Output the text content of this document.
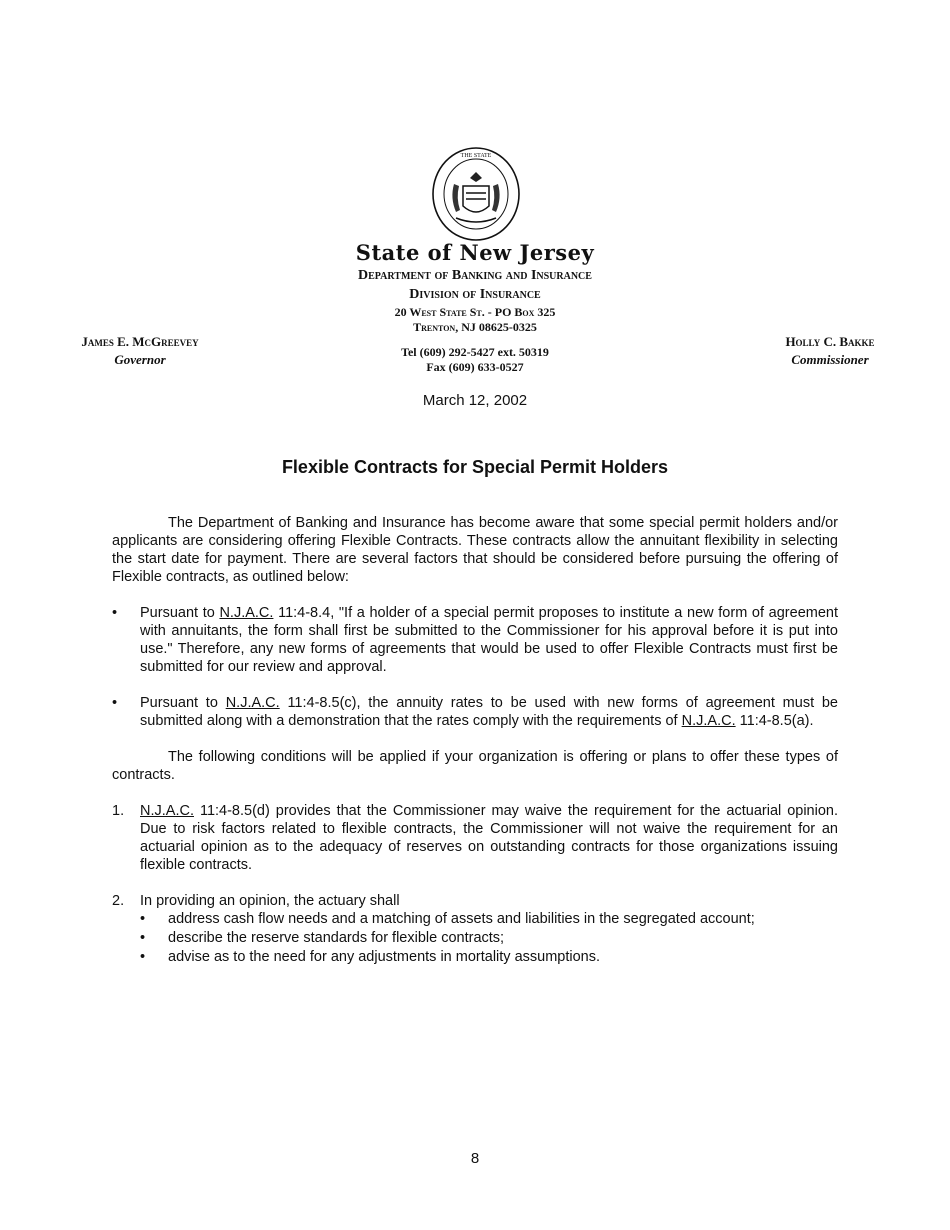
THE STATE
State of New Jersey
Department of Banking and Insurance
Division of Insurance
20 West State St. - PO Box 325
Trenton, NJ 08625-0325
Tel (609) 292-5427 ext. 50319
Fax (609) 633-0527
James E. McGreevey
Governor
Holly C. Bakke
Commissioner
March 12, 2002
Flexible Contracts for Special Permit Holders

The Department of Banking and Insurance has become aware that some special permit holders and/or applicants are considering offering Flexible Contracts. These contracts allow the annuitant flexibility in selecting the start date for payment. There are several factors that should be considered before pursuing the offering of Flexible contracts, as outlined below:

•	Pursuant to N.J.A.C. 11:4-8.4, "If a holder of a special permit proposes to institute a new form of agreement with annuitants, the form shall first be submitted to the Commissioner for his approval before it is put into use." Therefore, any new forms of agreements that would be used to offer Flexible Contracts must first be submitted for our review and approval.
•	Pursuant to N.J.A.C. 11:4-8.5(c), the annuity rates to be used with new forms of agreement must be submitted along with a demonstration that the rates comply with the requirements of N.J.A.C. 11:4-8.5(a).

The following conditions will be applied if your organization is offering or plans to offer these types of contracts.

1.	N.J.A.C. 11:4-8.5(d) provides that the Commissioner may waive the requirement for the actuarial opinion. Due to risk factors related to flexible contracts, the Commissioner will not waive the requirement for an actuarial opinion as to the adequacy of reserves on outstanding contracts for those organizations issuing flexible contracts.
2.	In providing an opinion, the actuary shall
•	address cash flow needs and a matching of assets and liabilities in the segregated account;
•	describe the reserve standards for flexible contracts;
•	advise as to the need for any adjustments in mortality assumptions.
8
